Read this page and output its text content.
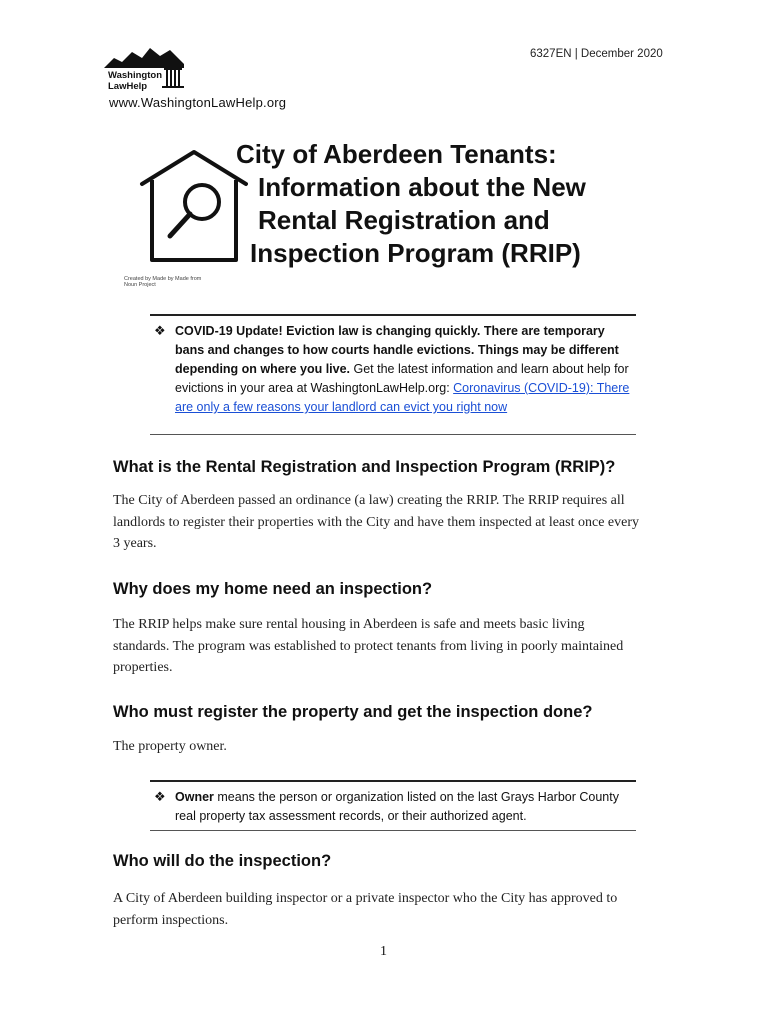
6327EN | December 2020
Washington
LawHelp
www.WashingtonLawHelp.org
Created by Made by Made from Noun Project
City of Aberdeen Tenants:
Information about the New
Rental Registration and
Inspection Program (RRIP)
❖ COVID-19 Update! Eviction law is changing quickly. There are temporary bans and changes to how courts handle evictions. Things may be different depending on where you live. Get the latest information and learn about help for evictions in your area at WashingtonLawHelp.org: Coronavirus (COVID-19): There are only a few reasons your landlord can evict you right now
What is the Rental Registration and Inspection Program (RRIP)?
The City of Aberdeen passed an ordinance (a law) creating the RRIP. The RRIP requires all landlords to register their properties with the City and have them inspected at least once every 3 years.
Why does my home need an inspection?
The RRIP helps make sure rental housing in Aberdeen is safe and meets basic living standards. The program was established to protect tenants from living in poorly maintained properties.
Who must register the property and get the inspection done?
The property owner.
❖ Owner means the person or organization listed on the last Grays Harbor County real property tax assessment records, or their authorized agent.
Who will do the inspection?
A City of Aberdeen building inspector or a private inspector who the City has approved to perform inspections.
1
